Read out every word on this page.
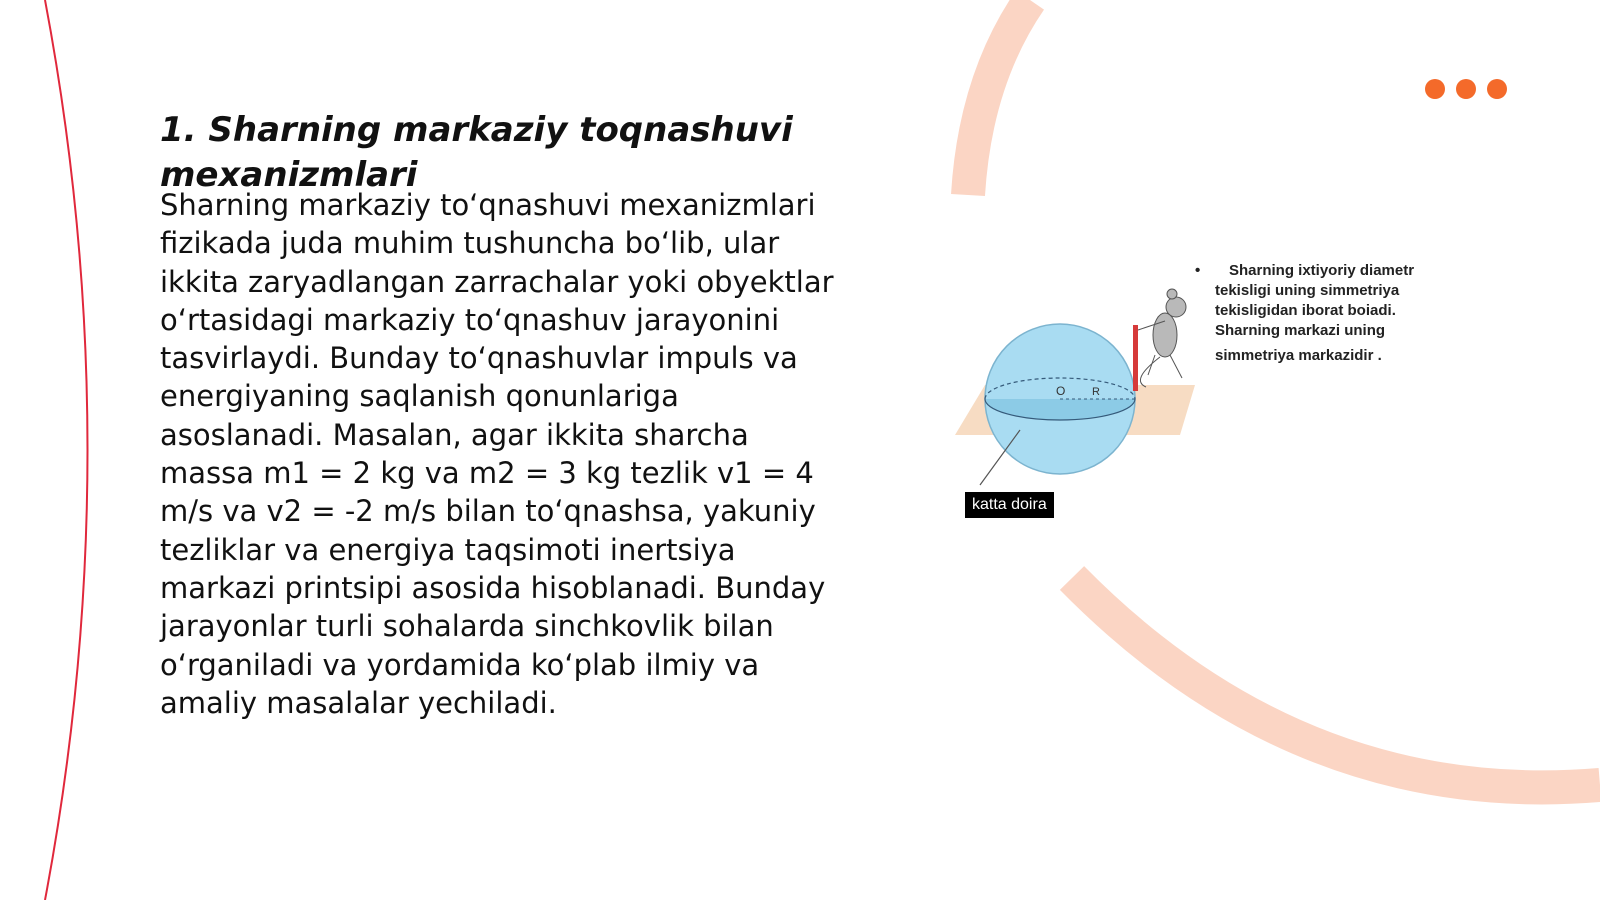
1. Sharning markaziy toqnashuvi mexanizmlari

Sharning markaziy to‘qnashuvi mexanizmlari fizikada juda muhim tushuncha bo‘lib, ular ikkita zaryadlangan zarrachalar yoki obyektlar o‘rtasidagi markaziy to‘qnashuv jarayonini tasvirlaydi. Bunday to‘qnashuvlar impuls va energiyaning saqlanish qonunlariga asoslanadi. Masalan, agar ikkita sharcha massa m1 = 2 kg va m2 = 3 kg tezlik v1 = 4 m/s va v2 = -2 m/s bilan to‘qnashsa, yakuniy tezliklar va energiya taqsimoti inertsiya markazi printsipi asosida hisoblanadi. Bunday jarayonlar turli sohalarda sinchkovlik bilan o‘rganiladi va yordamida ko‘plab ilmiy va amaliy masalalar yechiladi.

O R
katta doira
•	Sharning ixtiyoriy diametr tekisligi uning simmetriya tekisligidan iborat boiadi. Sharning markazi uning
simmetriya markazidir .
